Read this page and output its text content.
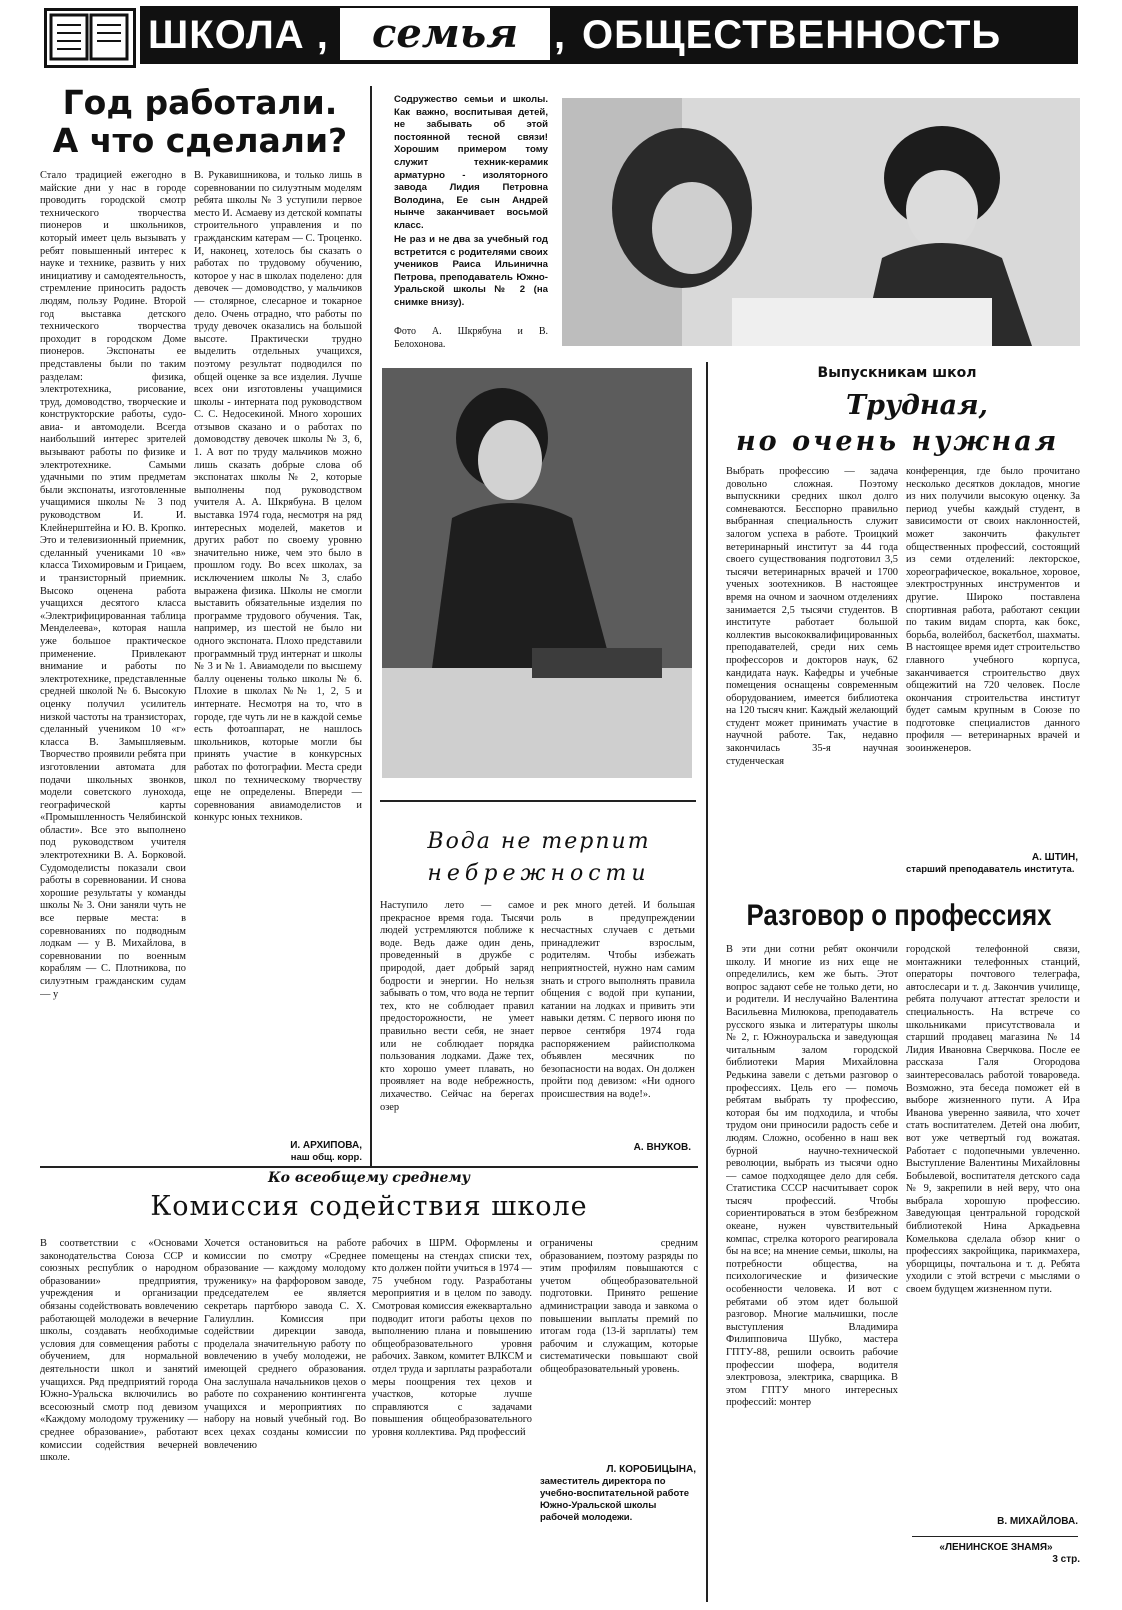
ШКОЛА ,	семья , ОБЩЕСТВЕННОСТЬ
Год работали.
А что сделали?
Стало традицией ежегодно в майские дни у нас в городе проводить городской смотр технического творчества пионеров и школьников, который имеет цель вызывать у ребят повышенный интерес к науке и технике, развить у них инициативу и самодеятельность, стремление приносить радость людям, пользу Родине. Второй год выставка детского технического творчества проходит в городском Доме пионеров. Экспонаты ее представлены были по таким разделам: физика, электротехника, рисование, труд, домоводство, творческие и конструкторские работы, судо-авиа- и автомодели. Всегда наибольший интерес зрителей вызывают работы по физике и электротехнике. Самыми удачными по этим предметам были экспонаты, изготовленные учащимися школы № 3 под руководством И. И. Клейнерштейна и Ю. В. Кропко. Это и телевизионный приемник, сделанный учениками 10 «в» класса Тихомировым и Грицаем, и транзисторный приемник. Высоко оценена работа учащихся десятого класса «Электрифицированная таблица Менделеева», которая нашла уже большое практическое применение. Привлекают внимание и работы по электротехнике, представленные средней школой № 6. Высокую оценку получил усилитель низкой частоты на транзисторах, сделанный учеником 10 «г» класса В. Замышляевым. Творчество проявили ребята при изготовлении автомата для подачи школьных звонков, модели советского лунохода, географической карты «Промышленность Челябинской области». Все это выполнено под руководством учителя электротехники В. А. Борковой. Судомоделисты показали свои работы в соревновании. И снова хорошие результаты у команды школы № 3. Они заняли чуть не все первые места: в соревнованиях по подводным лодкам — у В. Михайлова, в соревновании по военным кораблям — С. Плотникова, по силуэтным гражданским судам — у
В. Рукавишникова, и только лишь в соревновании по силуэтным моделям ребята школы № 3 уступили первое место И. Асмаеву из детской компаты строительного управления и по гражданским катерам — С. Троценко. И, наконец, хотелось бы сказать о работах по трудовому обучению, которое у нас в школах поделено: для девочек — домоводство, у мальчиков — столярное, слесарное и токарное дело. Очень отрадно, что работы по труду девочек оказались на большой высоте. Практически трудно выделить отдельных учащихся, поэтому результат подводился по общей оценке за все изделия. Лучше всех они изготовлены учащимися школы - интерната под руководством С. С. Недосекиной. Много хороших отзывов сказано и о работах по домоводству девочек школы № 3, 6, 1. А вот по труду мальчиков можно лишь сказать добрые слова об экспонатах школы № 2, которые выполнены под руководством учителя А. А. Шкрябуна. В целом выставка 1974 года, несмотря на ряд интересных моделей, макетов и других работ по своему уровню значительно ниже, чем это было в прошлом году. Во всех школах, за исключением школы № 3, слабо выражена физика. Школы не смогли выставить обязательные изделия по программе трудового обучения. Так, например, из шестой не было ни одного экспоната. Плохо представили программный труд интернат и школы № 3 и № 1. Авиамодели по высшему баллу оценены только школы № 6. Плохие в школах №№ 1, 2, 5 и интернате. Несмотря на то, что в городе, где чуть ли не в каждой семье есть фотоаппарат, не нашлось школьников, которые могли бы принять участие в конкурсных работах по фотографии. Места среди школ по техническому творчеству еще не определены. Впереди — соревнования авиамоделистов и конкурс юных техников.
И. АРХИПОВА,
наш общ. корр.
Содружество семьи и школы. Как важно, воспитывая детей, не забывать об этой постоянной тесной связи! Хорошим примером тому служит техник-керамик арматурно - изоляторного завода Лидия Петровна Володина, Ее сын Андрей нынче заканчивает восьмой класс.
Не раз и не два за учебный год встретится с родителями своих учеников Раиса Ильинична Петрова, преподаватель Южно-Уральской школы № 2 (на снимке внизу).
Фото А. Шкрябуна и В. Белохонова.
Вода не терпит
небрежности
Наступило лето — самое прекрасное время года. Тысячи людей устремляются поближе к воде. Ведь даже один день, проведенный в дружбе с природой, дает добрый заряд бодрости и энергии. Но нельзя забывать о том, что вода не терпит тех, кто не соблюдает правил предосторожности, не умеет правильно вести себя, не знает или не соблюдает порядка пользования лодками. Даже тех, кто хорошо умеет плавать, но проявляет на воде небрежность, лихачество. Сейчас на берегах озер
и рек много детей. И большая роль в предупреждении несчастных случаев с детьми принадлежит взрослым, родителям. Чтобы избежать неприятностей, нужно нам самим знать и строго выполнять правила общения с водой при купании, катании на лодках и привить эти навыки детям. С первого июня по первое сентября 1974 года распоряжением райисполкома объявлен месячник по безопасности на водах. Он должен пройти под девизом: «Ни одного происшествия на воде!».
А. ВНУКОВ.
Выпускникам школ
Трудная,
но очень нужная
Выбрать профессию — задача довольно сложная. Поэтому выпускники средних школ долго сомневаются. Бесспорно правильно выбранная специальность служит залогом успеха в работе. Троицкий ветеринарный институт за 44 года своего существования подготовил 3,5 тысячи ветеринарных врачей и 1700 ученых зоотехников. В настоящее время на очном и заочном отделениях занимается 2,5 тысячи студентов. В институте работает большой коллектив высококвалифицированных преподавателей, среди них семь профессоров и докторов наук, 62 кандидата наук. Кафедры и учебные помещения оснащены современным оборудованием, имеется библиотека на 120 тысяч книг. Каждый желающий студент может принимать участие в научной работе. Так, недавно закончилась 35-я научная студенческая
конференция, где было прочитано несколько десятков докладов, многие из них получили высокую оценку. За период учебы каждый студент, в зависимости от своих наклонностей, может закончить факультет общественных профессий, состоящий из семи отделений: лекторское, хореографическое, вокальное, хоровое, электрострунных инструментов и другие. Широко поставлена спортивная работа, работают секции по таким видам спорта, как бокс, борьба, волейбол, баскетбол, шахматы. В настоящее время идет строительство главного учебного корпуса, заканчивается строительство двух общежитий на 720 человек. После окончания строительства институт будет самым крупным в Союзе по подготовке специалистов данного профиля — ветеринарных врачей и зооинженеров.
А. ШТИН,
старший преподаватель института.
Разговор о профессиях
В эти дни сотни ребят окончили школу. И многие из них еще не определились, кем же быть. Этот вопрос задают себе не только дети, но и родители. И неслучайно Валентина Васильевна Милюкова, преподаватель русского языка и литературы школы № 2, г. Южноуральска и заведующая читальным залом городской библиотеки Мария Михайловна Редькина завели с детьми разговор о профессиях. Цель его — помочь ребятам выбрать ту профессию, которая бы им подходила, и чтобы трудом они приносили радость себе и людям. Сложно, особенно в наш век бурной научно-технической революции, выбрать из тысячи одно — самое подходящее дело для себя. Статистика СССР насчитывает сорок тысяч профессий. Чтобы сориентироваться в этом безбрежном океане, нужен чувствительный компас, стрелка которого реагировала бы на все; на мнение семьи, школы, на потребности общества, на психологические и физические особенности человека. И вот с ребятами об этом идет большой разговор. Многие мальчишки, после выступления Владимира Филипповича Шубко, мастера ГПТУ-88, решили освоить рабочие профессии шофера, водителя электровоза, электрика, сварщика. В этом ГПТУ много интересных профессий: монтер
городской телефонной связи, монтажники телефонных станций, операторы почтового телеграфа, автослесари и т. д. Закончив училище, ребята получают аттестат зрелости и специальность. На встрече со школьниками присутствовала и старший продавец магазина № 14 Лидия Ивановна Сверчкова. После ее рассказа Галя Огородова заинтересовалась работой товароведа. Возможно, эта беседа поможет ей в выборе жизненного пути. А Ира Иванова уверенно заявила, что хочет стать воспитателем. Детей она любит, вот уже четвертый год вожатая. Работает с подопечными увлеченно. Выступление Валентины Михайловны Бобылевой, воспитателя детского сада № 9, закрепили в ней веру, что она выбрала хорошую профессию. Заведующая центральной городской библиотекой Нина Аркадьевна Комелькова сделала обзор книг о профессиях закройщика, парикмахера, уборщицы, почтальона и т. д. Ребята уходили с этой встречи с мыслями о своем будущем жизненном пути.
В. МИХАЙЛОВА.
«ЛЕНИНСКОЕ ЗНАМЯ»
3 стр.
Ко всеобщему среднему
Комиссия содействия школе
В соответствии с «Основами законодательства Союза ССР и союзных республик о народном образовании» предприятия, учреждения и организации обязаны содействовать вовлечению работающей молодежи в вечерние школы, создавать необходимые условия для совмещения работы с обучением, для нормальной деятельности школ и занятий учащихся. Ряд предприятий города Южно-Уральска включились во всесоюзный смотр под девизом «Каждому молодому труженику — среднее образование», работают комиссии содействия вечерней школе.
Хочется остановиться на работе комиссии по смотру «Среднее образование — каждому молодому труженику» на фарфоровом заводе, председателем ее является секретарь партбюро завода С. Х. Галиуллин. Комиссия при содействии дирекции завода, проделала значительную работу по вовлечению в учебу молодежи, не имеющей среднего образования. Она заслушала начальников цехов о работе по сохранению контингента учащихся и мероприятиях по набору на новый учебный год. Во всех цехах созданы комиссии по вовлечению
рабочих в ШРМ. Оформлены и помещены на стендах списки тех, кто должен пойти учиться в 1974 — 75 учебном году. Разработаны мероприятия и в целом по заводу. Смотровая комиссия ежеквартально подводит итоги работы цехов по выполнению плана и повышению общеобразовательного уровня рабочих. Завком, комитет ВЛКСМ и отдел труда и зарплаты разработали меры поощрения тех цехов и участков, которые лучше справляются с задачами повышения общеобразовательного уровня коллектива. Ряд профессий
ограничены средним образованием, поэтому разряды по этим профилям повышаются с учетом общеобразовательной подготовки. Принято решение администрации завода и завкома о повышении выплаты премий по итогам года (13-й зарплаты) тем рабочим и служащим, которые систематически повышают свой общеобразовательный уровень.
Л. КОРОБИЦЫНА,
заместитель директора по учебно-воспитательной работе Южно-Уральской школы рабочей молодежи.
